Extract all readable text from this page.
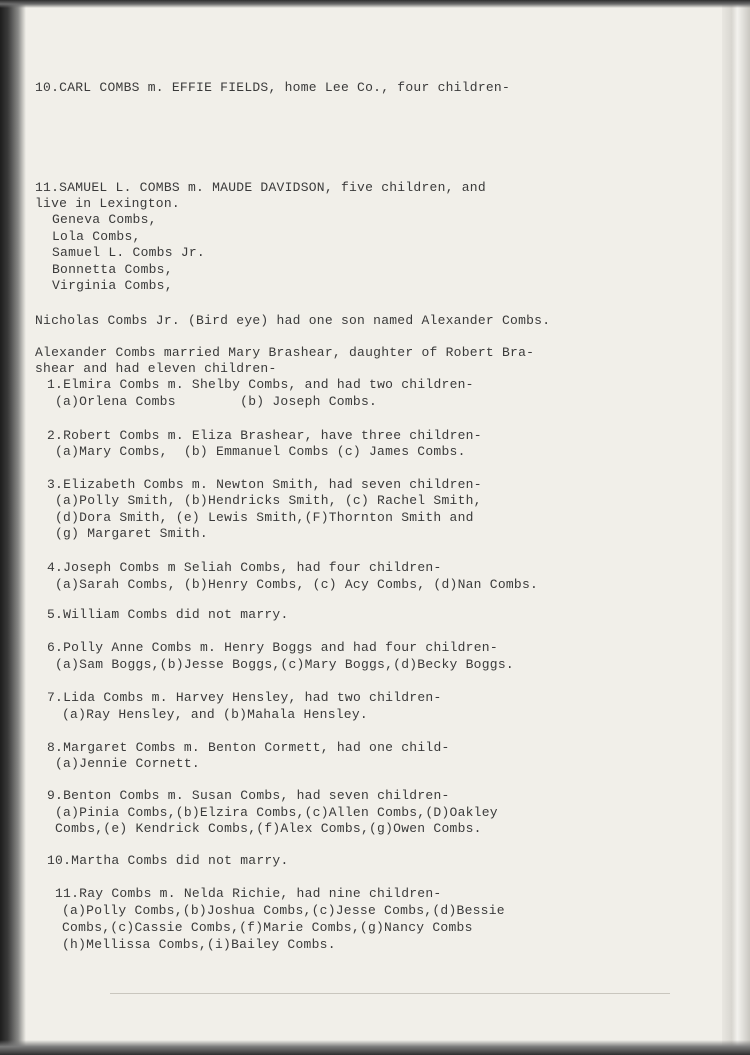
10.CARL COMBS m. EFFIE FIELDS, home Lee Co., four children-
11.SAMUEL L. COMBS m. MAUDE DAVIDSON, five children, and
live in Lexington.
Geneva Combs,
Lola Combs,
Samuel L. Combs Jr.
Bonnetta Combs,
Virginia Combs,
Nicholas Combs Jr. (Bird eye) had one son named Alexander Combs.
Alexander Combs married Mary Brashear, daughter of Robert Bra-
shear and had eleven children-
1.Elmira Combs m. Shelby Combs, and had two children-
(a)Orlena Combs        (b) Joseph Combs.
2.Robert Combs m. Eliza Brashear, have three children-
(a)Mary Combs,  (b) Emmanuel Combs (c) James Combs.
3.Elizabeth Combs m. Newton Smith, had seven children-
(a)Polly Smith, (b)Hendricks Smith, (c) Rachel Smith,
(d)Dora Smith, (e) Lewis Smith,(F)Thornton Smith and
(g) Margaret Smith.
4.Joseph Combs m Seliah Combs, had four children-
(a)Sarah Combs, (b)Henry Combs, (c) Acy Combs, (d)Nan Combs.
5.William Combs did not marry.
6.Polly Anne Combs m. Henry Boggs and had four children-
(a)Sam Boggs,(b)Jesse Boggs,(c)Mary Boggs,(d)Becky Boggs.
7.Lida Combs m. Harvey Hensley, had two children-
(a)Ray Hensley, and (b)Mahala Hensley.
8.Margaret Combs m. Benton Cormett, had one child-
(a)Jennie Cornett.
9.Benton Combs m. Susan Combs, had seven children-
(a)Pinia Combs,(b)Elzira Combs,(c)Allen Combs,(D)Oakley
Combs,(e) Kendrick Combs,(f)Alex Combs,(g)Owen Combs.
10.Martha Combs did not marry.
11.Ray Combs m. Nelda Richie, had nine children-
(a)Polly Combs,(b)Joshua Combs,(c)Jesse Combs,(d)Bessie
Combs,(c)Cassie Combs,(f)Marie Combs,(g)Nancy Combs
(h)Mellissa Combs,(i)Bailey Combs.
